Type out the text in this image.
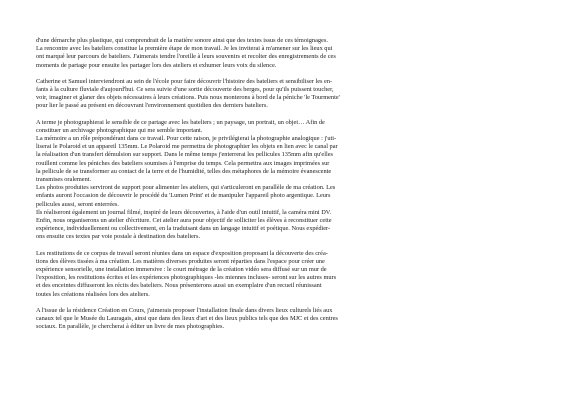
d'une démarche plus plastique, qui comprendrait de la matière sonore ainsi que des textes issus de ces témoignages.
La rencontre avec les bateliers constitue la première étape de mon travail. Je les inviterai à m'amener sur les lieux qui
ont marqué leur parcours de bateliers. J'aimerais tendre l'oreille à leurs souvenirs et recolter des enregistrements de ces
moments de partage pour ensuite les partager lors des ateliers et exhumer leurs voix du silence.
Catherine et Samuel interviendront au sein de l'école pour faire découvrir l'histoire des bateliers et sensibiliser les en-
fants à la culture fluviale d'aujourd'hui. Ce sera suivie d'une sortie découverte des berges, pour qu'ils puissent toucher,
voir, imaginer et glaner des objets nécessaires à leurs créations. Puis nous monterons à bord de la péniche 'le Tourmente'
pour lier le passé au présent en découvrant l'environnement quotidien des derniers bateliers.
A terme je photographierai le sensible de ce partage avec les bateliers ; un paysage, un portrait, un objet… Afin de
constituer un archivage photographique qui me semble important.
La mémoire a un rôle prépondérant dans ce travail. Pour cette raison, je privilégierai la photographie analogique : j'uti-
liserai le Polaroid et un appareil 135mm. Le Polaroid me permettra de photographier les objets en lien avec le canal par
la réalisation d'un transfert démulsion sur support. Dans le même temps j'enterrerai les pellicules 135mm afin qu'elles
rouillent comme les péniches des bateliers soumises à l'emprise du temps. Cela permettra aux images imprimées sur
la pellicule de se transformer au contact de la terre et de l'humidité, telles des métaphores de la mémoire évanescente
transmises oralement.
Les photos produites serviront de support pour alimenter les ateliers, qui s'articuleront en parallèle de ma création. Les
enfants auront l'occasion de découvrir le procédé du 'Lumen Print' et de manipuler l'appareil photo argentique. Leurs
pellicules aussi, seront enterrées.
Ils réaliseront également un journal filmé, inspiré de leurs découvertes, à l'aide d'un outil intuitif, la caméra mini DV.
Enfin, nous organiserons un atelier d'écriture. Cet atelier aura pour objectif de solliciter les élèves à reconstituer cette
expérience, individuellement ou collectivement, en la traduisant dans un langage intuitif et poétique. Nous expédier-
ons ensuite ces textes par voie postale à destination des bateliers.
Les restitutions de ce corpus de travail seront réunies dans un espace d'exposition proposant la découverte des créa-
tions des élèves tissées à ma création. Les matières diverses produites seront réparties dans l'espace pour créer une
expérience sensorielle, une installation immersive : le court métrage de la création vidéo sera diffusé sur un mur de
l'exposition, les restitutions écrites et les expériences photographiques -les miennes incluses- seront sur les autres murs
et des enceintes diffuseront les récits des bateliers. Nous présenterons aussi un exemplaire d'un recueil réunissant
toutes les créations réalisées lors des ateliers.
A l'issue de la résidence Création en Cours, j'aimerais proposer l'installation finale dans divers lieux culturels liés aux
canaux tel que le Musée du Lauragais, ainsi que dans des lieux d'art et des lieux publics tels que des MJC et des centres
sociaux. En parallèle, je chercherai à éditer un livre de mes photographies.
